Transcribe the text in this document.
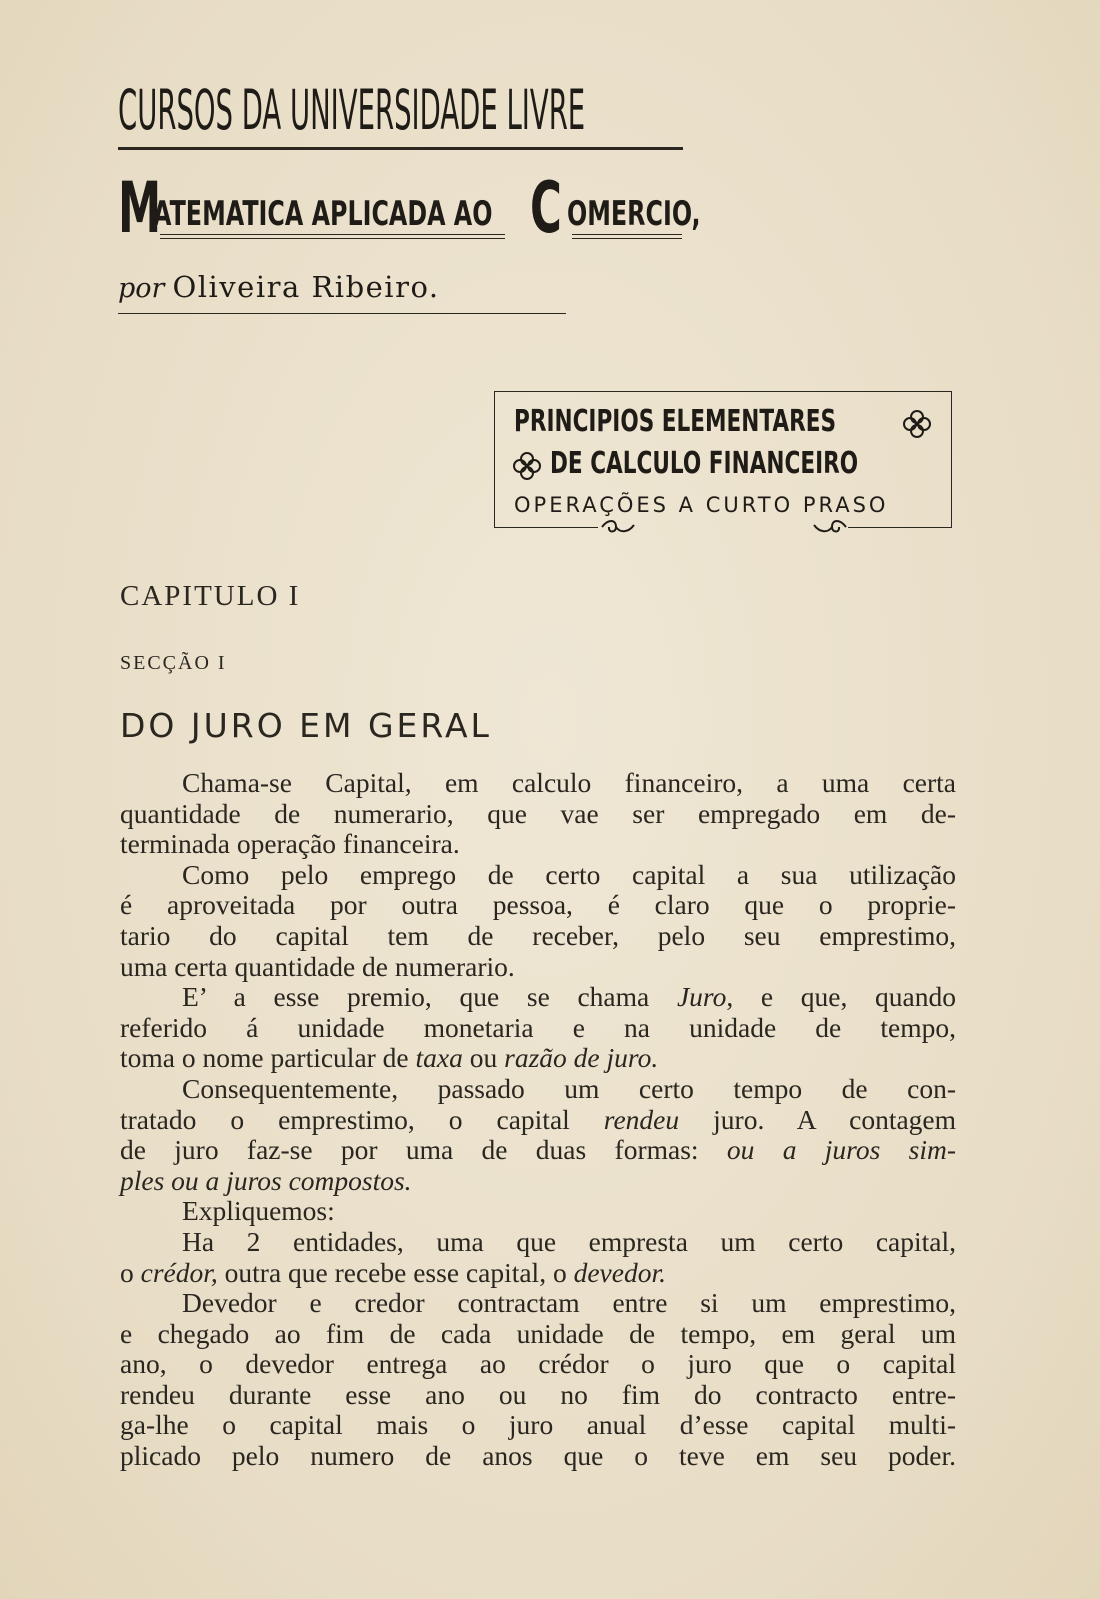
CURSOS DA UNIVERSIDADE LIVRE
M
ATEMATICA APLICADA AO C OMERCIO,
por Oliveira Ribeiro.
PRINCIPIOS ELEMENTARES
DE CALCULO FINANCEIRO
OPERAÇÕES A CURTO PRASO
CAPITULO I
SECÇÃO I
DO JURO EM GERAL
Chama-se Capital, em calculo financeiro, a uma certa
quantidade de numerario, que vae ser empregado em de-
terminada operação financeira.
Como pelo emprego de certo capital a sua utilização
é aproveitada por outra pessoa, é claro que o proprie-
tario do capital tem de receber, pelo seu emprestimo,
uma certa quantidade de numerario.
E’ a esse premio, que se chama Juro, e que, quando
referido á unidade monetaria e na unidade de tempo,
toma o nome particular de taxa ou razão de juro.
Consequentemente, passado um certo tempo de con-
tratado o emprestimo, o capital rendeu juro. A contagem
de juro faz-se por uma de duas formas: ou a juros sim-
ples ou a juros compostos.
Expliquemos:
Ha 2 entidades, uma que empresta um certo capital,
o crédor, outra que recebe esse capital, o devedor.
Devedor e credor contractam entre si um emprestimo,
e chegado ao fim de cada unidade de tempo, em geral um
ano, o devedor entrega ao crédor o juro que o capital
rendeu durante esse ano ou no fim do contracto entre-
ga-lhe o capital mais o juro anual d’esse capital multi-
plicado pelo numero de anos que o teve em seu poder.
